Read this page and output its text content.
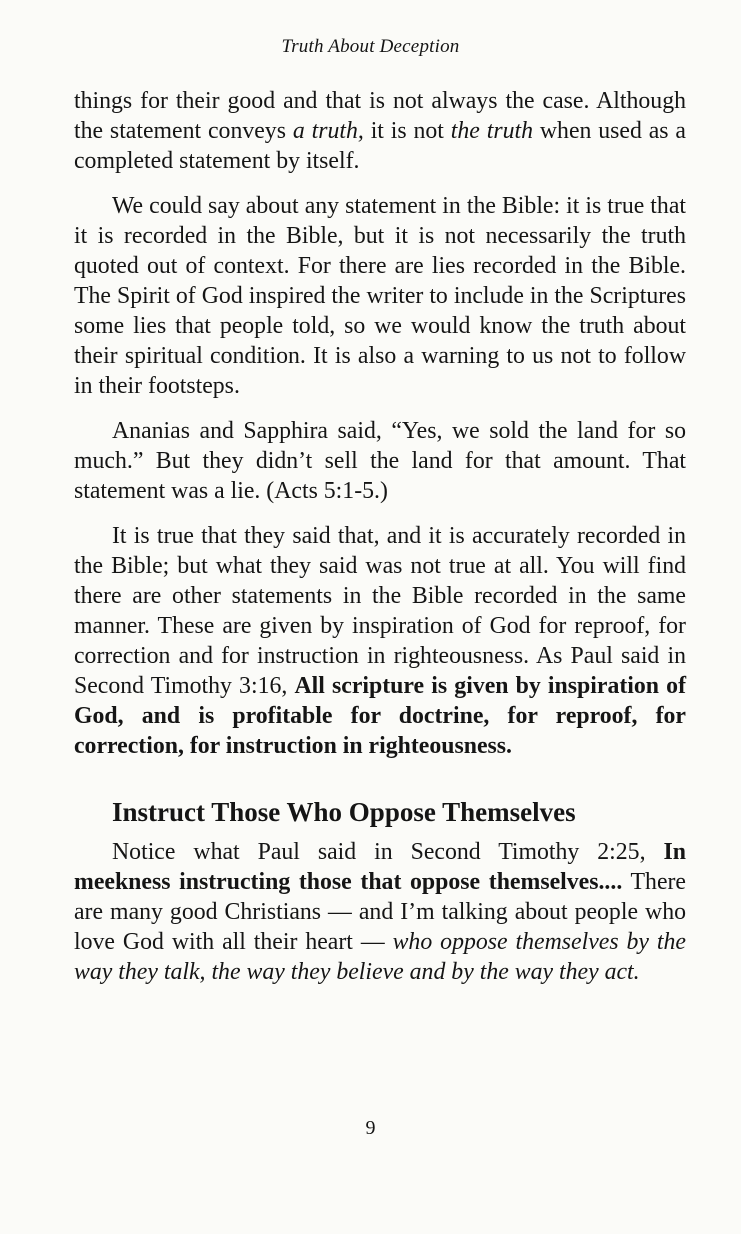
Truth About Deception

things for their good and that is not always the case. Although the statement conveys a truth, it is not the truth when used as a completed statement by itself.

We could say about any statement in the Bible: it is true that it is recorded in the Bible, but it is not necessarily the truth quoted out of context. For there are lies recorded in the Bible. The Spirit of God inspired the writer to include in the Scriptures some lies that people told, so we would know the truth about their spiritual condition. It is also a warning to us not to follow in their footsteps.

Ananias and Sapphira said, “Yes, we sold the land for so much.” But they didn’t sell the land for that amount. That statement was a lie. (Acts 5:1-5.)

It is true that they said that, and it is accurately recorded in the Bible; but what they said was not true at all. You will find there are other statements in the Bible recorded in the same manner. These are given by inspiration of God for reproof, for correction and for instruction in righteousness. As Paul said in Second Timothy 3:16, All scripture is given by inspiration of God, and is profitable for doctrine, for reproof, for correction, for instruction in righteousness.

Instruct Those Who Oppose Themselves

Notice what Paul said in Second Timothy 2:25, In meekness instructing those that oppose themselves.... There are many good Christians — and I’m talking about people who love God with all their heart — who oppose themselves by the way they talk, the way they believe and by the way they act.

9
